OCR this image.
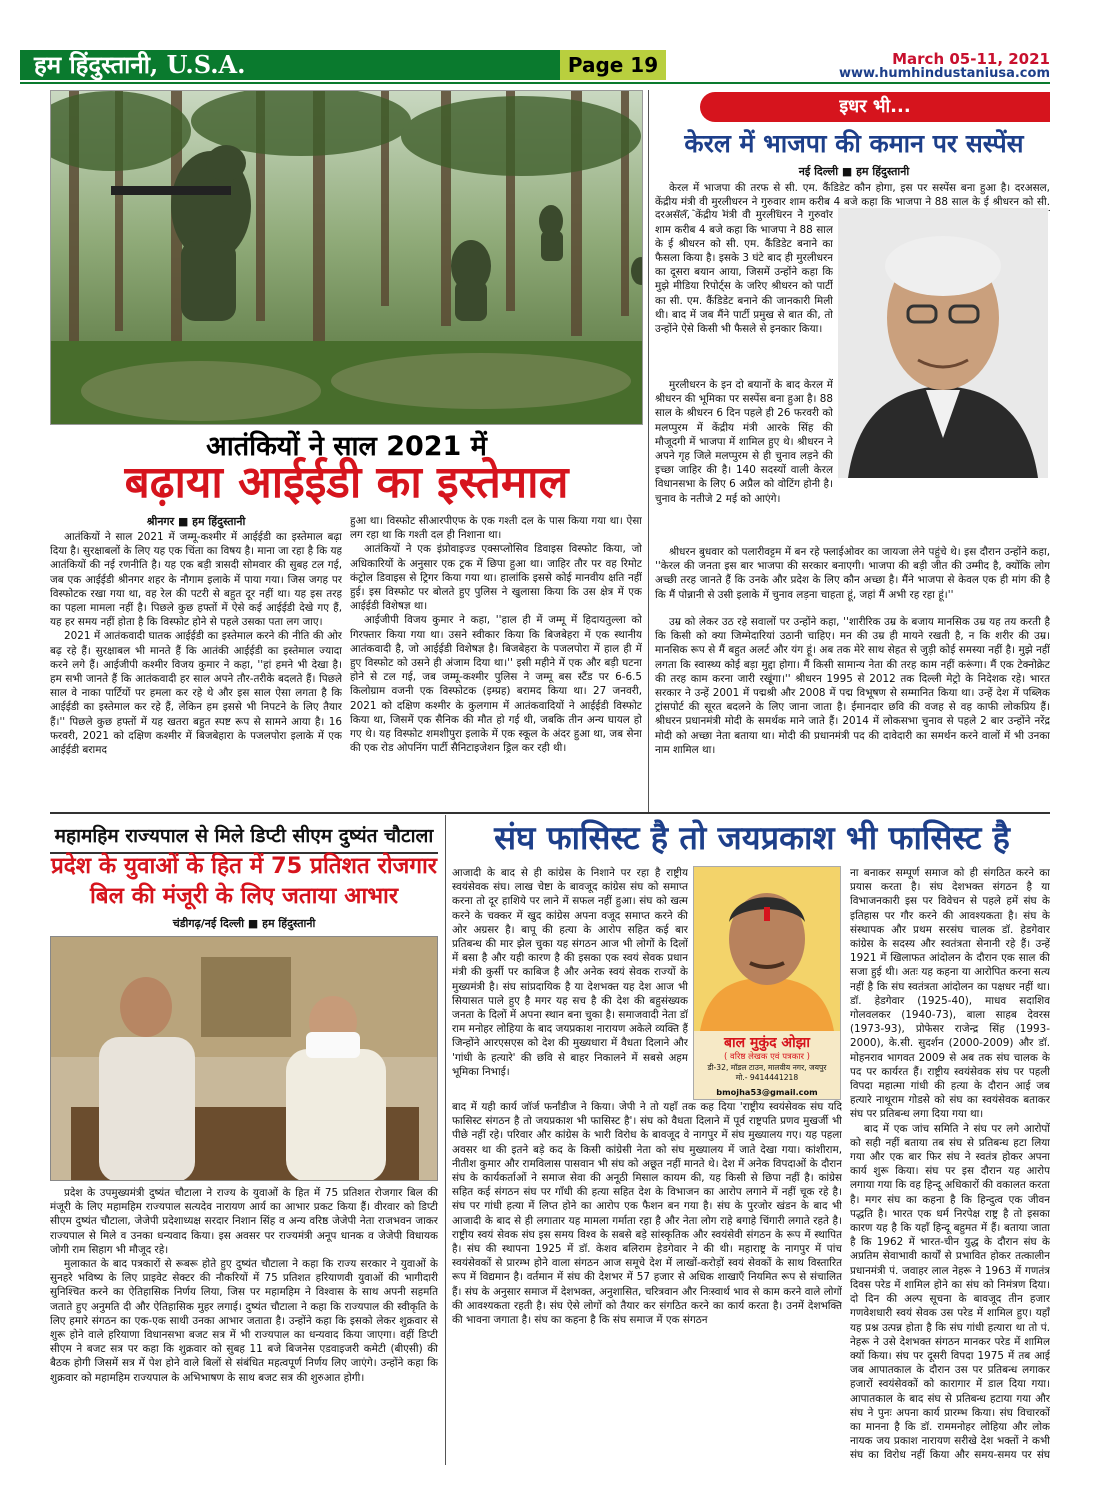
हम हिंदुस्तानी, U.S.A.	Page 19	March 05-11, 2021
www.humhindustaniusa.com
आतंकियों ने साल 2021 में
बढ़ाया आईईडी का इस्तेमाल
श्रीनगर ■ हम हिंदुस्तानी

आतंकियों ने साल 2021 में जम्मू-कश्मीर में आईईडी का इस्तेमाल बढ़ा दिया है। सुरक्षाबलों के लिए यह एक चिंता का विषय है। माना जा रहा है कि यह आतंकियों की नई रणनीति है। यह एक बड़ी त्रासदी सोमवार की सुबह टल गई, जब एक आईईडी श्रीनगर शहर के नौगाम इलाके में पाया गया। जिस जगह पर विस्फोटक रखा गया था, वह रेल की पटरी से बहुत दूर नहीं था। यह इस तरह का पहला मामला नहीं है। पिछले कुछ हफ्तों में ऐसे कई आईईडी देखे गए हैं, यह हर समय नहीं होता है कि विस्फोट होने से पहले उसका पता लग जाए।

2021 में आतंकवादी घातक आईईडी का इस्तेमाल करने की नीति की ओर बढ़ रहे हैं। सुरक्षाबल भी मानते हैं कि आतंकी आईईडी का इस्तेमाल ज्यादा करने लगे हैं। आईजीपी कश्मीर विजय कुमार ने कहा, ''हां हमने भी देखा है। हम सभी जानते हैं कि आतंकवादी हर साल अपने तौर-तरीके बदलते हैं। पिछले साल वे नाका पार्टियों पर हमला कर रहे थे और इस साल ऐसा लगता है कि आईईडी का इस्तेमाल कर रहे हैं, लेकिन हम इससे भी निपटने के लिए तैयार हैं।'' पिछले कुछ हफ्तों में यह खतरा बहुत स्पष्ट रूप से सामने आया है। 16 फरवरी, 2021 को दक्षिण कश्मीर में बिजबेहारा के पजलपोरा इलाके में एक आईईडी बरामद

हुआ था। विस्फोट सीआरपीएफ के एक गश्ती दल के पास किया गया था। ऐसा लग रहा था कि गश्ती दल ही निशाना था।

आतंकियों ने एक इंप्रोवाइज्ड एक्सप्लोसिव डिवाइस विस्फोट किया, जो अधिकारियों के अनुसार एक ट्रक में छिपा हुआ था। जाहिर तौर पर वह रिमोट कंट्रोल डिवाइस से ट्रिगर किया गया था। हालांकि इससे कोई मानवीय क्षति नहीं हुई। इस विस्फोट पर बोलते हुए पुलिस ने खुलासा किया कि उस क्षेत्र में एक आईईडी विशेषज्ञ था।

आईजीपी विजय कुमार ने कहा, ''हाल ही में जम्मू में हिदायतुल्ला को गिरफ्तार किया गया था। उसने स्वीकार किया कि बिजबेहरा में एक स्थानीय आतंकवादी है, जो आईईडी विशेषज्ञ है। बिजबेहरा के पजलपोरा में हाल ही में हुए विस्फोट को उसने ही अंजाम दिया था।'' इसी महीने में एक और बड़ी घटना होने से टल गई, जब जम्मू-कश्मीर पुलिस ने जम्मू बस स्टैंड पर 6-6.5 किलोग्राम वजनी एक विस्फोटक (इम्प्रह) बरामद किया था। 27 जनवरी, 2021 को दक्षिण कश्मीर के कुलगाम में आतंकवादियों ने आईईडी विस्फोट किया था, जिसमें एक सैनिक की मौत हो गई थी, जबकि तीन अन्य घायल हो गए थे। यह विस्फोट शमशीपुरा इलाके में एक स्कूल के अंदर हुआ था, जब सेना की एक रोड ओपनिंग पार्टी सैनिटाइजेशन ड्रिल कर रही थी।

इधर भी...
केरल में भाजपा की कमान पर सस्पेंस
नई दिल्ली ■ हम हिंदुस्तानी

केरल में भाजपा की तरफ से सी. एम. कैंडिडेट कौन होगा, इस पर सस्पेंस बना हुआ है। दरअसल, केंद्रीय मंत्री वी मुरलीधरन ने गुरुवार शाम करीब 4 बजे कहा कि भाजपा ने 88 साल के ई श्रीधरन को सी.

दरअसल, केंद्रीय मंत्री वी मुरलीधरन ने गुरुवार शाम करीब 4 बजे कहा कि भाजपा ने 88 साल के ई श्रीधरन को सी. एम. कैंडिडेट बनाने का फैसला किया है। इसके 3 घंटे बाद ही मुरलीधरन का दूसरा बयान आया, जिसमें उन्होंने कहा कि मुझे मीडिया रिपोर्ट्स के जरिए श्रीधरन को पार्टी का सी. एम. कैंडिडेट बनाने की जानकारी मिली थी। बाद में जब मैंने पार्टी प्रमुख से बात की, तो उन्होंने ऐसे किसी भी फैसले से इनकार किया।

मुरलीधरन के इन दो बयानों के बाद केरल में श्रीधरन की भूमिका पर सस्पेंस बना हुआ है। 88 साल के श्रीधरन 6 दिन पहले ही 26 फरवरी को मलप्पुरम में केंद्रीय मंत्री आरके सिंह की मौजूदगी में भाजपा में शामिल हुए थे। श्रीधरन ने अपने गृह जिले मलप्पुरम से ही चुनाव लड़ने की इच्छा जाहिर की है। 140 सदस्यों वाली केरल विधानसभा के लिए 6 अप्रैल को वोटिंग होनी है। चुनाव के नतीजे 2 मई को आएंगे।

श्रीधरन बुधवार को पलारीवट्टम में बन रहे फ्लाईओवर का जायजा लेने पहुंचे थे। इस दौरान उन्होंने कहा, ''केरल की जनता इस बार भाजपा की सरकार बनाएगी। भाजपा की बड़ी जीत की उम्मीद है, क्योंकि लोग अच्छी तरह जानते हैं कि उनके और प्रदेश के लिए कौन अच्छा है। मैंने भाजपा से केवल एक ही मांग की है कि मैं पोन्नानी से उसी इलाके में चुनाव लड़ना चाहता हूं, जहां मैं अभी रह रहा हूं।''

उम्र को लेकर उठ रहे सवालों पर उन्होंने कहा, ''शारीरिक उम्र के बजाय मानसिक उम्र यह तय करती है कि किसी को क्या जिम्मेदारियां उठानी चाहिए। मन की उम्र ही मायने रखती है, न कि शरीर की उम्र। मानसिक रूप से मैं बहुत अलर्ट और यंग हूं। अब तक मेरे साथ सेहत से जुड़ी कोई समस्या नहीं है। मुझे नहीं लगता कि स्वास्थ्य कोई बड़ा मुद्दा होगा। मैं किसी सामान्य नेता की तरह काम नहीं करूंगा। मैं एक टेक्नोक्रेट की तरह काम करना जारी रखूंगा।'' श्रीधरन 1995 से 2012 तक दिल्ली मेट्रो के निदेशक रहे। भारत सरकार ने उन्हें 2001 में पद्मश्री और 2008 में पद्म विभूषण से सम्मानित किया था। उन्हें देश में पब्लिक ट्रांसपोर्ट की सूरत बदलने के लिए जाना जाता है। ईमानदार छवि की वजह से वह काफी लोकप्रिय हैं। श्रीधरन प्रधानमंत्री मोदी के समर्थक माने जाते हैं। 2014 में लोकसभा चुनाव से पहले 2 बार उन्होंने नरेंद्र मोदी को अच्छा नेता बताया था। मोदी की प्रधानमंत्री पद की दावेदारी का समर्थन करने वालों में भी उनका नाम शामिल था।

महामहिम राज्यपाल से मिले डिप्टी सीएम दुष्यंत चौटाला
प्रदेश के युवाओं के हित में 75 प्रतिशत रोजगार बिल की मंजूरी के लिए जताया आभार
चंडीगढ़/नई दिल्ली ■ हम हिंदुस्तानी

प्रदेश के उपमुख्यमंत्री दुष्यंत चौटाला ने राज्य के युवाओं के हित में 75 प्रतिशत रोजगार बिल की मंजूरी के लिए महामहिम राज्यपाल सत्यदेव नारायण आर्य का आभार प्रकट किया हैं। वीरवार को डिप्टी सीएम दुष्यंत चौटाला, जेजेपी प्रदेशाध्यक्ष सरदार निशान सिंह व अन्य वरिष्ठ जेजेपी नेता राजभवन जाकर राज्यपाल से मिले व उनका धन्यवाद किया। इस अवसर पर राज्यमंत्री अनूप धानक व जेजेपी विधायक जोगी राम सिहाग भी मौजूद रहे।

मुलाकात के बाद पत्रकारों से रूबरू होते हुए दुष्यंत चौटाला ने कहा कि राज्य सरकार ने युवाओं के सुनहरे भविष्य के लिए प्राइवेट सेक्टर की नौकरियों में 75 प्रतिशत हरियाणवी युवाओं की भागीदारी सुनिश्चित करने का ऐतिहासिक निर्णय लिया, जिस पर महामहिम ने विश्वास के साथ अपनी सहमति जताते हुए अनुमति दी और ऐतिहासिक मुहर लगाई। दुष्यंत चौटाला ने कहा कि राज्यपाल की स्वीकृति के लिए हमारे संगठन का एक-एक साथी उनका आभार जताता है। उन्होंने कहा कि इसको लेकर शुक्रवार से शुरू होने वाले हरियाणा विधानसभा बजट सत्र में भी राज्यपाल का धन्यवाद किया जाएगा। वहीं डिप्टी सीएम ने बजट सत्र पर कहा कि शुक्रवार को सुबह 11 बजे बिजनेस एडवाइजरी कमेटी (बीएसी) की बैठक होगी जिसमें सत्र में पेश होने वाले बिलों से संबंधित महत्वपूर्ण निर्णय लिए जाएंगे। उन्होंने कहा कि शुक्रवार को महामहिम राज्यपाल के अभिभाषण के साथ बजट सत्र की शुरुआत होगी।

संघ फासिस्ट है तो जयप्रकाश भी फासिस्ट है

आजादी के बाद से ही कांग्रेस के निशाने पर रहा है राष्ट्रीय स्वयंसेवक संघ। लाख चेष्टा के बावजूद कांग्रेस संघ को समाप्त करना तो दूर हाशिये पर लाने में सफल नहीं हुआ। संघ को खत्म करने के चक्कर में खुद कांग्रेस अपना वजूद समाप्त करने की ओर अग्रसर है। बापू की हत्या के आरोप सहित कई बार प्रतिबन्ध की मार झेल चुका यह संगठन आज भी लोगों के दिलों में बसा है और यही कारण है की इसका एक स्वयं सेवक प्रधान मंत्री की कुर्सी पर काबिज है और अनेक स्वयं सेवक राज्यों के मुख्यमंत्री है। संघ सांप्रदायिक है या देशभक्त यह देश आज भी सियासत पाले हुए है मगर यह सच है की देश की बहुसंख्यक जनता के दिलों में अपना स्थान बना चुका है। समाजवादी नेता डॉ राम मनोहर लोहिया के बाद जयप्रकाश नारायण अकेले व्यक्ति हैं जिन्होंने आरएसएस को देश की मुख्यधारा में वैधता दिलाने और 'गांधी के हत्यारे' की छवि से बाहर निकालने में सबसे अहम भूमिका निभाई।

बाल मुकुंद ओझा
( वरिष्ठ लेखक एवं पत्रकार )
डी-32, मॉडल टाउन, मालवीय नगर, जयपुर
मो.- 9414441218
bmojha53@gmail.com

बाद में यही कार्य जॉर्ज फर्नांडीज ने किया। जेपी ने तो यहाँ तक कह दिया 'राष्ट्रीय स्वयंसेवक संघ यदि फासिस्ट संगठन है तो जयप्रकाश भी फासिस्ट है'। संघ को वैधता दिलाने में पूर्व राष्ट्रपति प्रणव मुखर्जी भी पीछे नहीं रहे। परिवार और कांग्रेस के भारी विरोध के बावजूद वे नागपुर में संघ मुख्यालय गए। यह पहला अवसर था की इतने बड़े कद के किसी कांग्रेसी नेता को संघ मुख्यालय में जाते देखा गया। कांशीराम, नीतीश कुमार और रामविलास पासवान भी संघ को अछूत नहीं मानते थे। देश में अनेक विपदाओं के दौरान संघ के कार्यकर्ताओं ने समाज सेवा की अनूठी मिसाल कायम की, यह किसी से छिपा नहीं है। कांग्रेस सहित कई संगठन संघ पर गाँधी की हत्या सहित देश के विभाजन का आरोप लगाने में नहीं चूक रहे है। संघ पर गांधी हत्या में लिप्त होने का आरोप एक फैशन बन गया है। संघ के पुरजोर खंडन के बाद भी आजादी के बाद से ही लगातार यह मामला गर्माता रहा है और नेता लोग राहे बगाहे चिंगारी लगाते रहते है। राष्ट्रीय स्वयं सेवक संघ इस समय विश्व के सबसे बड़े सांस्कृतिक और स्वयंसेवी संगठन के रूप में स्थापित है। संघ की स्थापना 1925 में डॉ. केशव बलिराम हेडगेवार ने की थी। महाराष्ट्र के नागपुर में पांच स्वयंसेवकों से प्रारम्भ होने वाला संगठन आज समूचे देश में लाखों-करोड़ों स्वयं सेवकों के साथ विस्तारित रूप में विद्यमान है। वर्तमान में संघ की देशभर में 57 हजार से अधिक शाखाएँ नियमित रूप से संचालित हैं। संघ के अनुसार समाज में देशभक्त, अनुशासित, चरित्रवान और निःस्वार्थ भाव से काम करने वाले लोगों की आवश्यकता रहती है। संघ ऐसे लोगों को तैयार कर संगठित करने का कार्य करता है। उनमें देशभक्ति की भावना जगाता है। संघ का कहना है कि संघ समाज में एक संगठन

ना बनाकर सम्पूर्ण समाज को ही संगठित करने का प्रयास करता है। संघ देशभक्त संगठन है या विभाजनकारी इस पर विवेचन से पहले हमें संघ के इतिहास पर गौर करने की आवश्यकता है। संघ के संस्थापक और प्रथम सरसंघ चालक डॉ. हेडगेवार कांग्रेस के सदस्य और स्वतंत्रता सेनानी रहे हैं। उन्हें 1921 में खिलाफत आंदोलन के दौरान एक साल की सजा हुई थी। अतः यह कहना या आरोपित करना सत्य नहीं है कि संघ स्वतंत्रता आंदोलन का पक्षधर नहीं था। डॉ. हेडगेवार (1925-40), माधव सदाशिव गोलवलकर (1940-73), बाला साहब देवरस (1973-93), प्रोफेसर राजेन्द्र सिंह (1993-2000), के.सी. सुदर्शन (2000-2009) और डॉ. मोहनराव भागवत 2009 से अब तक संघ चालक के पद पर कार्यरत हैं। राष्ट्रीय स्वयंसेवक संघ पर पहली विपदा महात्मा गांधी की हत्या के दौरान आई जब हत्यारे नाथूराम गोडसे को संघ का स्वयंसेवक बताकर संघ पर प्रतिबन्ध लगा दिया गया था।

बाद में एक जांच समिति ने संघ पर लगे आरोपों को सही नहीं बताया तब संघ से प्रतिबन्ध हटा लिया गया और एक बार फिर संघ ने स्वतंत्र होकर अपना कार्य शुरू किया। संघ पर इस दौरान यह आरोप लगाया गया कि वह हिन्दू अधिकारों की वकालत करता है। मगर संघ का कहना है कि हिन्दुत्व एक जीवन पद्धति है। भारत एक धर्म निरपेक्ष राष्ट्र है तो इसका कारण यह है कि यहाँ हिन्दू बहुमत में हैं। बताया जाता है कि 1962 में भारत-चीन युद्ध के दौरान संघ के अप्रतिम सेवाभावी कार्यों से प्रभावित होकर तत्कालीन प्रधानमंत्री पं. जवाहर लाल नेहरू ने 1963 में गणतंत्र दिवस परेड में शामिल होने का संघ को निमंत्रण दिया। दो दिन की अल्प सूचना के बावजूद तीन हजार गणवेशधारी स्वयं सेवक उस परेड में शामिल हुए। यहाँ यह प्रश्न उत्पन्न होता है कि संघ गांधी हत्यारा था तो पं. नेहरू ने उसे देशभक्त संगठन मानकर परेड में शामिल क्यों किया। संघ पर दूसरी विपदा 1975 में तब आई जब आपातकाल के दौरान उस पर प्रतिबन्ध लगाकर हजारों स्वयंसेवकों को कारागार में डाल दिया गया। आपातकाल के बाद संघ से प्रतिबन्ध हटाया गया और संघ ने पुनः अपना कार्य प्रारम्भ किया। संघ विचारकों का मानना है कि डॉ. राममनोहर लोहिया और लोक नायक जय प्रकाश नारायण सरीखे देश भक्तों ने कभी संघ का विरोध नहीं किया और समय-समय पर संघ
